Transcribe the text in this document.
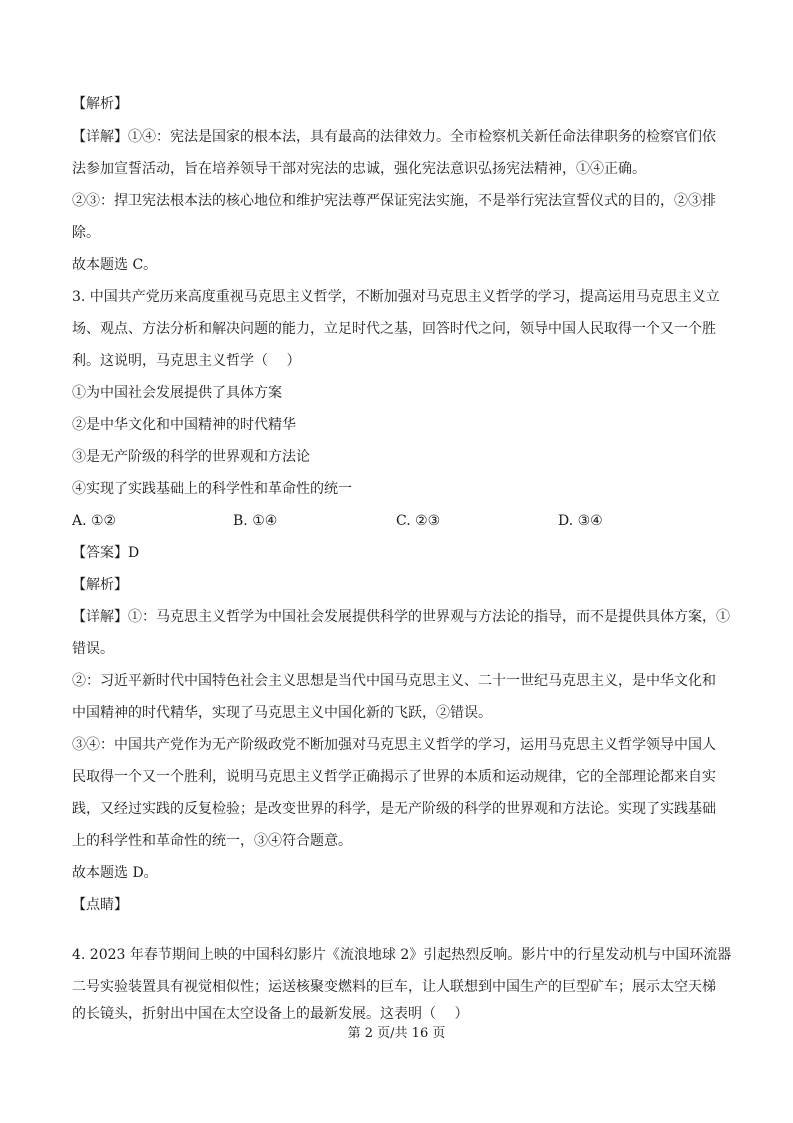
【解析】
【详解】①④：宪法是国家的根本法，具有最高的法律效力。全市检察机关新任命法律职务的检察官们依
法参加宣誓活动，旨在培养领导干部对宪法的忠诚，强化宪法意识弘扬宪法精神，①④正确。
②③：捍卫宪法根本法的核心地位和维护宪法尊严保证宪法实施，不是举行宪法宣誓仪式的目的，②③排
除。
故本题选 C。
3. 中国共产党历来高度重视马克思主义哲学，不断加强对马克思主义哲学的学习，提高运用马克思主义立
场、观点、方法分析和解决问题的能力，立足时代之基，回答时代之问，领导中国人民取得一个又一个胜
利。这说明，马克思主义哲学（　 ）
①为中国社会发展提供了具体方案
②是中华文化和中国精神的时代精华
③是无产阶级的科学的世界观和方法论
④实现了实践基础上的科学性和革命性的统一
A. ①②	B. ①④	C. ②③	D. ③④
【答案】D
【解析】
【详解】①：马克思主义哲学为中国社会发展提供科学的世界观与方法论的指导，而不是提供具体方案，①
错误。
②：习近平新时代中国特色社会主义思想是当代中国马克思主义、二十一世纪马克思主义，是中华文化和
中国精神的时代精华，实现了马克思主义中国化新的飞跃，②错误。
③④：中国共产党作为无产阶级政党不断加强对马克思主义哲学的学习，运用马克思主义哲学领导中国人
民取得一个又一个胜利，说明马克思主义哲学正确揭示了世界的本质和运动规律，它的全部理论都来自实
践，又经过实践的反复检验；是改变世界的科学，是无产阶级的科学的世界观和方法论。实现了实践基础
上的科学性和革命性的统一，③④符合题意。
故本题选 D。
【点睛】
4. 2023 年春节期间上映的中国科幻影片《流浪地球 2》引起热烈反响。影片中的行星发动机与中国环流器
二号实验装置具有视觉相似性；运送核聚变燃料的巨车，让人联想到中国生产的巨型矿车；展示太空天梯
的长镜头，折射出中国在太空设备上的最新发展。这表明（　 ）
第 2 页/共 16 页
